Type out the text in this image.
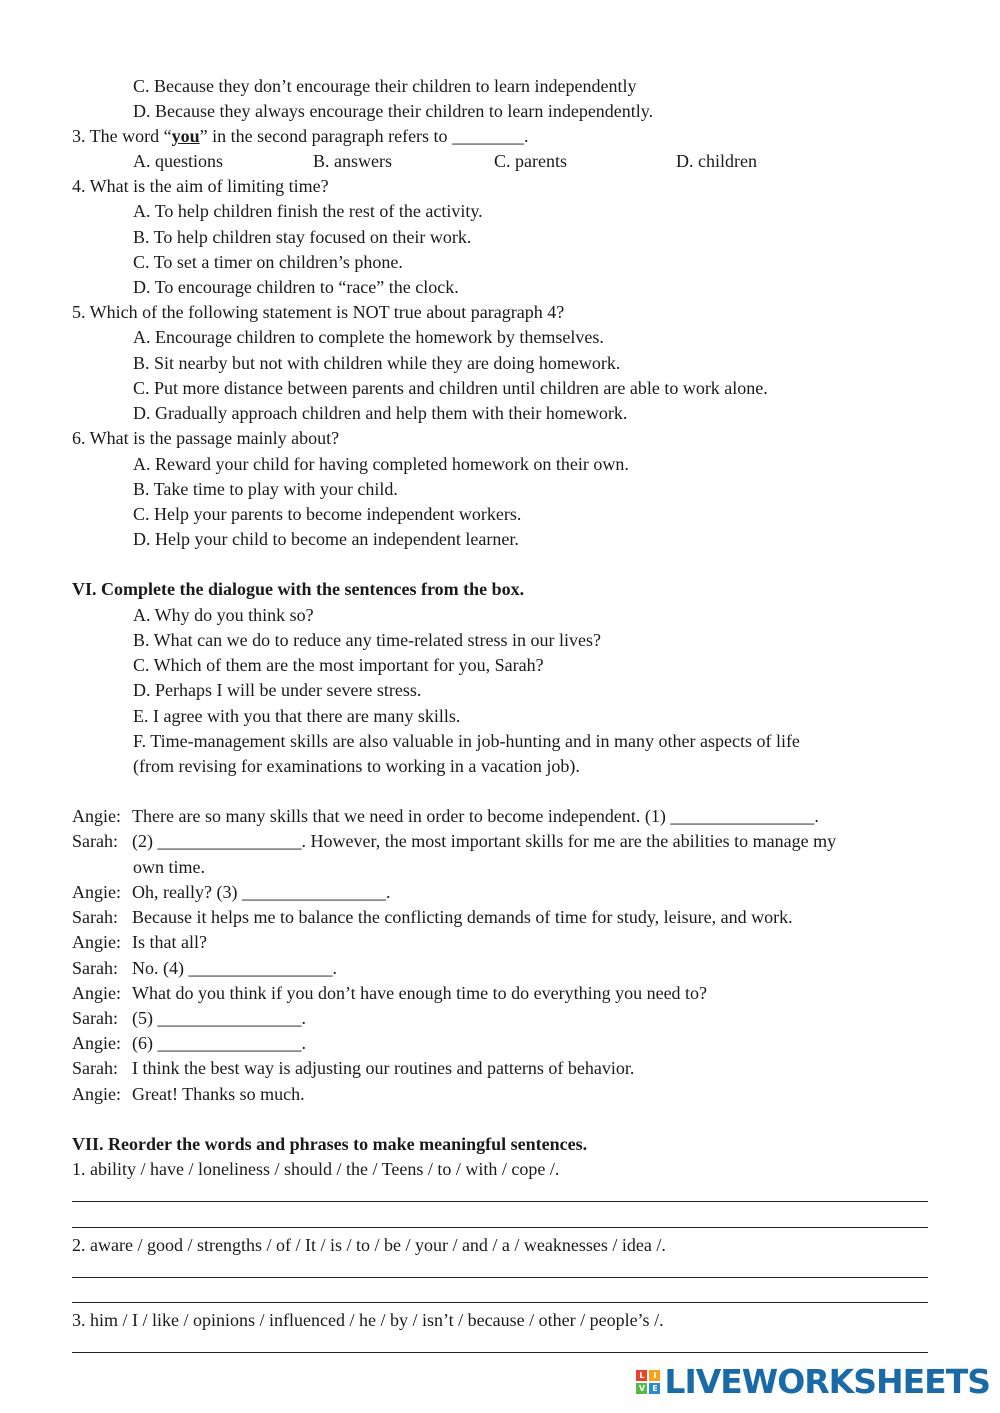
C. Because they don’t encourage their children to learn independently
D. Because they always encourage their children to learn independently.
3. The word “you” in the second paragraph refers to ________.
A. questions	B. answers	C. parents	D. children
4. What is the aim of limiting time?
A. To help children finish the rest of the activity.
B. To help children stay focused on their work.
C. To set a timer on children’s phone.
D. To encourage children to “race” the clock.
5. Which of the following statement is NOT true about paragraph 4?
A. Encourage children to complete the homework by themselves.
B. Sit nearby but not with children while they are doing homework.
C. Put more distance between parents and children until children are able to work alone.
D. Gradually approach children and help them with their homework.
6. What is the passage mainly about?
A. Reward your child for having completed homework on their own.
B. Take time to play with your child.
C. Help your parents to become independent workers.
D. Help your child to become an independent learner.
VI. Complete the dialogue with the sentences from the box.
A. Why do you think so?
B. What can we do to reduce any time-related stress in our lives?
C. Which of them are the most important for you, Sarah?
D. Perhaps I will be under severe stress.
E. I agree with you that there are many skills.
F. Time-management skills are also valuable in job-hunting and in many other aspects of life
(from revising for examinations to working in a vacation job).
Angie: There are so many skills that we need in order to become independent. (1) ________________.
Sarah: (2) ________________. However, the most important skills for me are the abilities to manage my
own time.
Angie: Oh, really? (3) ________________.
Sarah: Because it helps me to balance the conflicting demands of time for study, leisure, and work.
Angie: Is that all?
Sarah: No. (4) ________________.
Angie: What do you think if you don’t have enough time to do everything you need to?
Sarah: (5) ________________.
Angie: (6) ________________.
Sarah: I think the best way is adjusting our routines and patterns of behavior.
Angie: Great! Thanks so much.
VII. Reorder the words and phrases to make meaningful sentences.
1. ability / have / loneliness / should / the / Teens / to / with / cope /.
2. aware / good / strengths / of / It / is / to / be / your / and / a / weaknesses / idea /.
3. him / I / like / opinions / influenced / he / by / isn’t / because / other / people’s /.
L	I
V E LIVEWORKSHEETS
